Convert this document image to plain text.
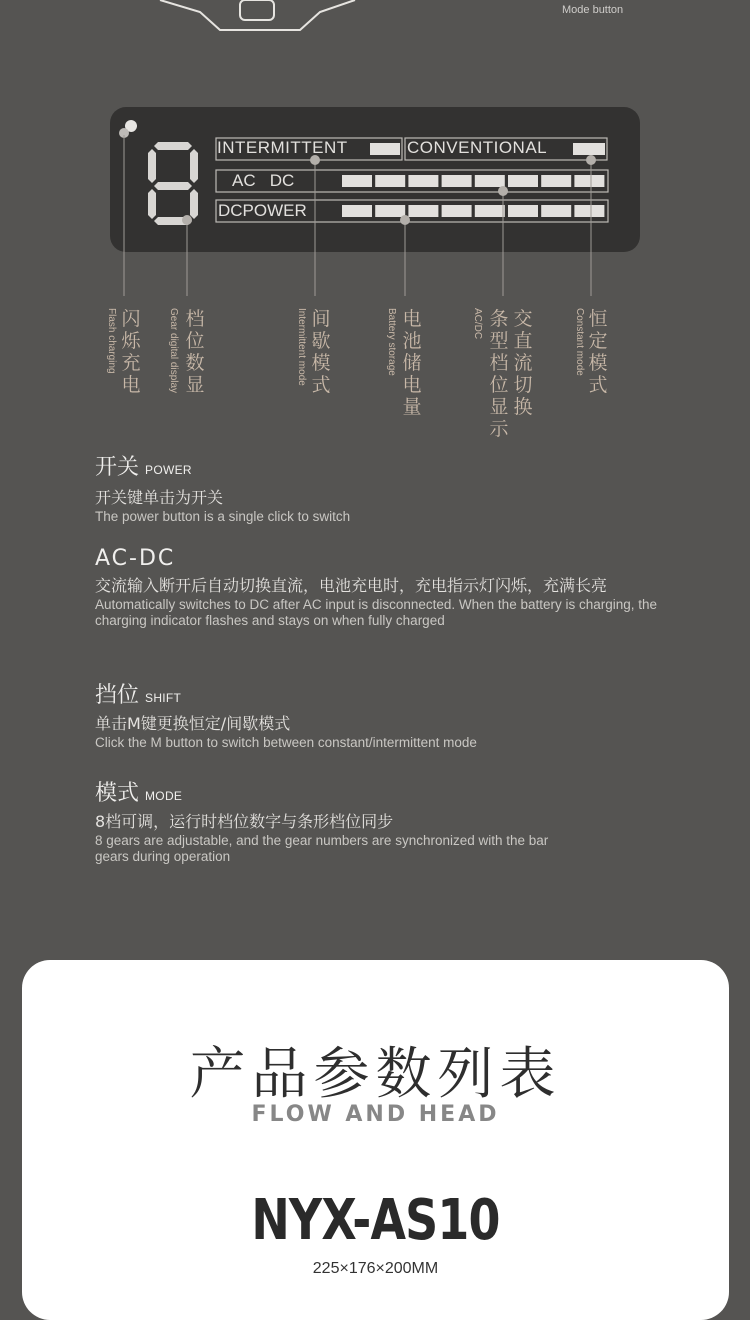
Mode button
INTERMITTENT	CONVENTIONAL
AC   DC
DCPOWER
闪烁充电
Flash charging	档位数显
Gear digital display	间歇模式
Intermittent mode	电池储电量
Battery storage	条型档位显示
AC/DC 交直流切换
恒定模式
Constant mode
开关 POWER
开关键单击为开关
The power button is a single click to switch
AC-DC
交流输入断开后自动切换直流，电池充电时，充电指示灯闪烁，充满长亮
Automatically switches to DC after AC input is disconnected. When the battery is charging, the charging indicator flashes and stays on when fully charged
挡位 SHIFT
单击M键更换恒定/间歇模式
Click the M button to switch between constant/intermittent mode
模式 MODE
8档可调，运行时档位数字与条形档位同步
8 gears are adjustable, and the gear numbers are synchronized with the bar gears during operation
产品参数列表
FLOW AND HEAD
NYX-AS10
225×176×200MM
